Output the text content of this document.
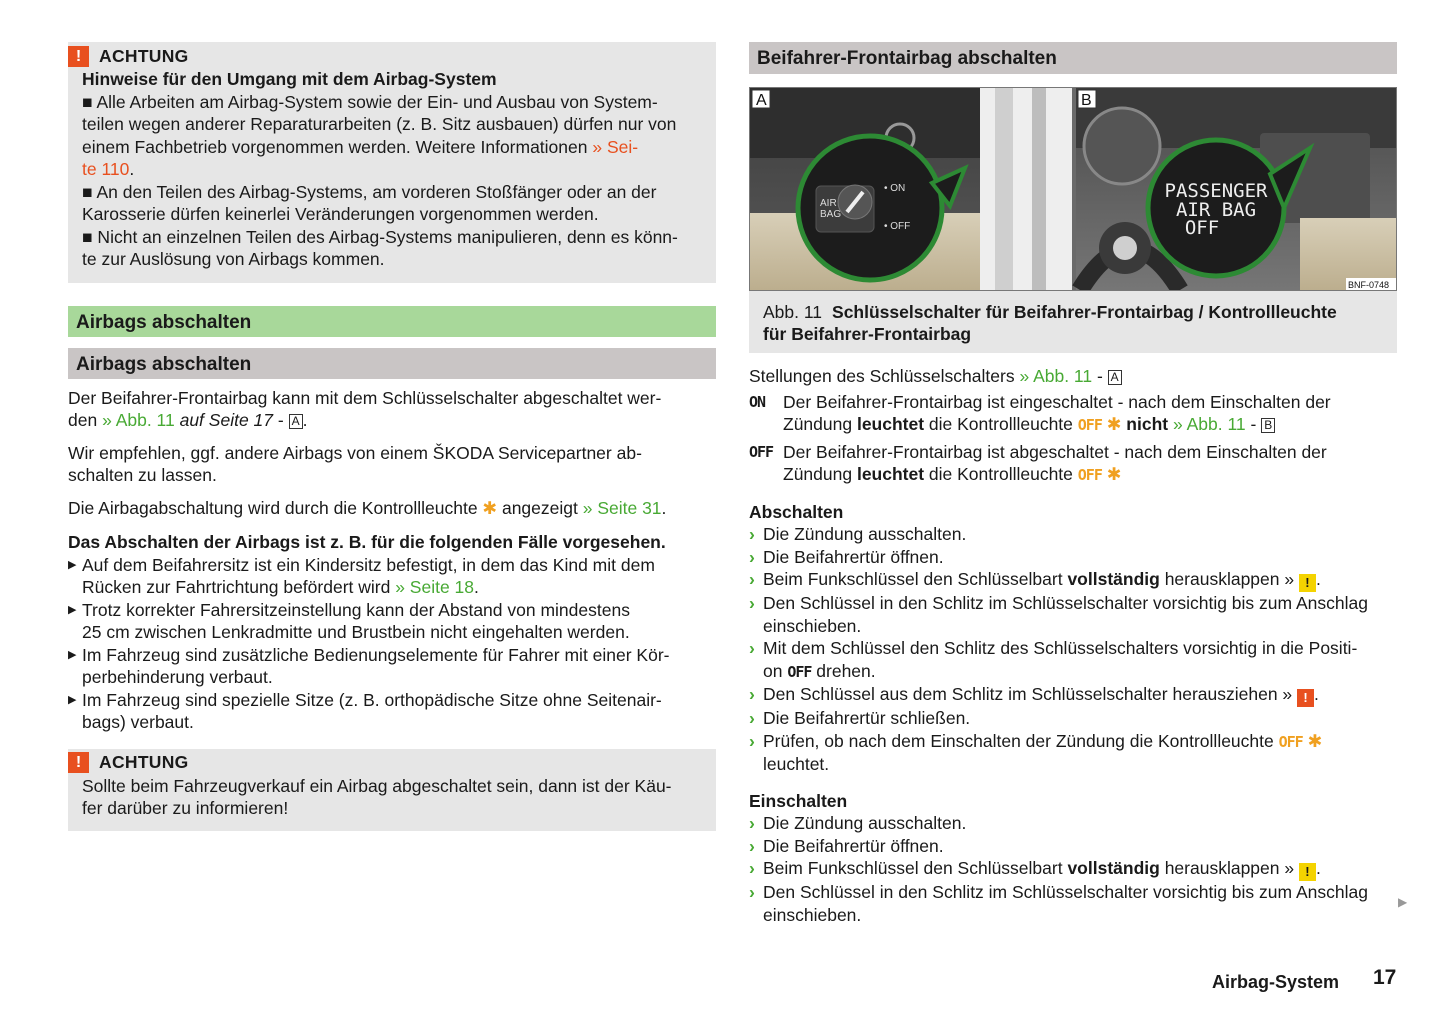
!	ACHTUNG
Hinweise für den Umgang mit dem Airbag-System
■ Alle Arbeiten am Airbag-System sowie der Ein- und Ausbau von System-
teilen wegen anderer Reparaturarbeiten (z. B. Sitz ausbauen) dürfen nur von
einem Fachbetrieb vorgenommen werden. Weitere Informationen » Sei-
te 110.
■ An den Teilen des Airbag-Systems, am vorderen Stoßfänger oder an der
Karosserie dürfen keinerlei Veränderungen vorgenommen werden.
■ Nicht an einzelnen Teilen des Airbag-Systems manipulieren, denn es könn-
te zur Auslösung von Airbags kommen.
Airbags abschalten
Airbags abschalten

Der Beifahrer-Frontairbag kann mit dem Schlüsselschalter abgeschaltet wer-
den » Abb. 11 auf Seite 17 - A .

Wir empfehlen, ggf. andere Airbags von einem ŠKODA Servicepartner ab-
schalten zu lassen.

Die Airbagabschaltung wird durch die Kontrollleuchte ✱ angezeigt » Seite 31.

Das Abschalten der Airbags ist z. B. für die folgenden Fälle vorgesehen.

▶ Auf dem Beifahrersitz ist ein Kindersitz befestigt, in dem das Kind mit dem
Rücken zur Fahrtrichtung befördert wird » Seite 18.
▶ Trotz korrekter Fahrersitzeinstellung kann der Abstand von mindestens
25 cm zwischen Lenkradmitte und Brustbein nicht eingehalten werden.
▶ Im Fahrzeug sind zusätzliche Bedienungselemente für Fahrer mit einer Kör-
perbehinderung verbaut.
▶ Im Fahrzeug sind spezielle Sitze (z. B. orthopädische Sitze ohne Seitenair-
bags) verbaut.
!	ACHTUNG
Sollte beim Fahrzeugverkauf ein Airbag abgeschaltet sein, dann ist der Käu-
fer darüber zu informieren!
Beifahrer-Frontairbag abschalten
AIR
BAG
• ON
• OFF
A
PASSENGER
AIR BAG
OFF
B
BNF-0748
Abb. 11 Schlüsselschalter für Beifahrer-Frontairbag / Kontrollleuchte
für Beifahrer-Frontairbag

Stellungen des Schlüsselschalters » Abb. 11 - A

ON	Der Beifahrer-Frontairbag ist eingeschaltet - nach dem Einschalten der
Zündung leuchtet die Kontrollleuchte OFF ✱ nicht » Abb. 11 - B
OFF Der Beifahrer-Frontairbag ist abgeschaltet - nach dem Einschalten der
Zündung leuchtet die Kontrollleuchte OFF ✱
Abschalten
› Die Zündung ausschalten.
› Die Beifahrertür öffnen.
› Beim Funkschlüssel den Schlüsselbart vollständig herausklappen » ! .
› Den Schlüssel in den Schlitz im Schlüsselschalter vorsichtig bis zum Anschlag
einschieben.
› Mit dem Schlüssel den Schlitz des Schlüsselschalters vorsichtig in die Positi-
on OFF drehen.
› Den Schlüssel aus dem Schlitz im Schlüsselschalter herausziehen » ! .
› Die Beifahrertür schließen.
› Prüfen, ob nach dem Einschalten der Zündung die Kontrollleuchte OFF ✱
leuchtet.
Einschalten
› Die Zündung ausschalten.
› Die Beifahrertür öffnen.
› Beim Funkschlüssel den Schlüsselbart vollständig herausklappen » ! .
› Den Schlüssel in den Schlitz im Schlüsselschalter vorsichtig bis zum Anschlag
einschieben.
▶
Airbag-System 17
